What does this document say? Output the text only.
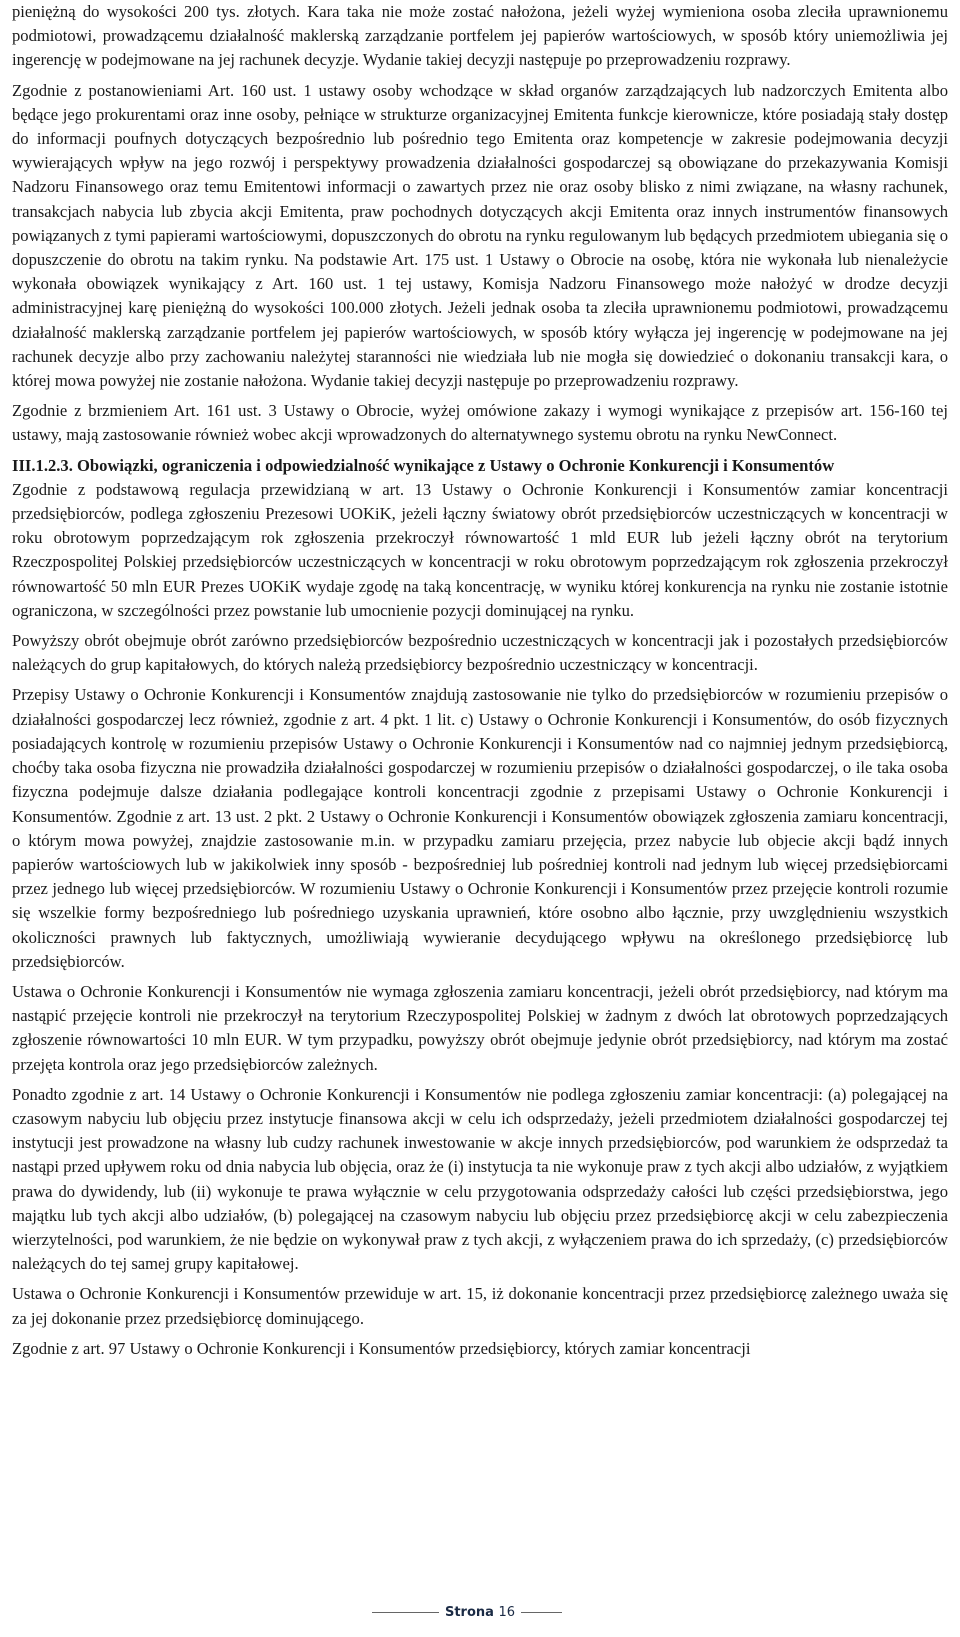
pieniężną do wysokości 200 tys. złotych. Kara taka nie może zostać nałożona, jeżeli wyżej wymieniona osoba zleciła uprawnionemu podmiotowi, prowadzącemu działalność maklerską zarządzanie portfelem jej papierów wartościowych, w sposób który uniemożliwia jej ingerencję w podejmowane na jej rachunek decyzje. Wydanie takiej decyzji następuje po przeprowadzeniu rozprawy.

Zgodnie z postanowieniami Art. 160 ust. 1 ustawy osoby wchodzące w skład organów zarządzających lub nadzorczych Emitenta albo będące jego prokurentami oraz inne osoby, pełniące w strukturze organizacyjnej Emitenta funkcje kierownicze, które posiadają stały dostęp do informacji poufnych dotyczących bezpośrednio lub pośrednio tego Emitenta oraz kompetencje w zakresie podejmowania decyzji wywierających wpływ na jego rozwój i perspektywy prowadzenia działalności gospodarczej są obowiązane do przekazywania Komisji Nadzoru Finansowego oraz temu Emitentowi informacji o zawartych przez nie oraz osoby blisko z nimi związane, na własny rachunek, transakcjach nabycia lub zbycia akcji Emitenta, praw pochodnych dotyczących akcji Emitenta oraz innych instrumentów finansowych powiązanych z tymi papierami wartościowymi, dopuszczonych do obrotu na rynku regulowanym lub będących przedmiotem ubiegania się o dopuszczenie do obrotu na takim rynku. Na podstawie Art. 175 ust. 1 Ustawy o Obrocie na osobę, która nie wykonała lub nienależycie wykonała obowiązek wynikający z Art. 160 ust. 1 tej ustawy, Komisja Nadzoru Finansowego może nałożyć w drodze decyzji administracyjnej karę pieniężną do wysokości 100.000 złotych. Jeżeli jednak osoba ta zleciła uprawnionemu podmiotowi, prowadzącemu działalność maklerską zarządzanie portfelem jej papierów wartościowych, w sposób który wyłącza jej ingerencję w podejmowane na jej rachunek decyzje albo przy zachowaniu należytej staranności nie wiedziała lub nie mogła się dowiedzieć o dokonaniu transakcji kara, o której mowa powyżej nie zostanie nałożona. Wydanie takiej decyzji następuje po przeprowadzeniu rozprawy.

Zgodnie z brzmieniem Art. 161 ust. 3 Ustawy o Obrocie, wyżej omówione zakazy i wymogi wynikające z przepisów art. 156-160 tej ustawy, mają zastosowanie również wobec akcji wprowadzonych do alternatywnego systemu obrotu na rynku NewConnect.

III.1.2.3. Obowiązki, ograniczenia i odpowiedzialność wynikające z Ustawy o Ochronie Konkurencji i Konsumentów

Zgodnie z podstawową regulacja przewidzianą w art. 13 Ustawy o Ochronie Konkurencji i Konsumentów zamiar koncentracji przedsiębiorców, podlega zgłoszeniu Prezesowi UOKiK, jeżeli łączny światowy obrót przedsiębiorców uczestniczących w koncentracji w roku obrotowym poprzedzającym rok zgłoszenia przekroczył równowartość 1 mld EUR lub jeżeli łączny obrót na terytorium Rzeczpospolitej Polskiej przedsiębiorców uczestniczących w koncentracji w roku obrotowym poprzedzającym rok zgłoszenia przekroczył równowartość 50 mln EUR Prezes UOKiK wydaje zgodę na taką koncentrację, w wyniku której konkurencja na rynku nie zostanie istotnie ograniczona, w szczególności przez powstanie lub umocnienie pozycji dominującej na rynku.

Powyższy obrót obejmuje obrót zarówno przedsiębiorców bezpośrednio uczestniczących w koncentracji jak i pozostałych przedsiębiorców należących do grup kapitałowych, do których należą przedsiębiorcy bezpośrednio uczestniczący w koncentracji.

Przepisy Ustawy o Ochronie Konkurencji i Konsumentów znajdują zastosowanie nie tylko do przedsiębiorców w rozumieniu przepisów o działalności gospodarczej lecz również, zgodnie z art. 4 pkt. 1 lit. c) Ustawy o Ochronie Konkurencji i Konsumentów, do osób fizycznych posiadających kontrolę w rozumieniu przepisów Ustawy o Ochronie Konkurencji i Konsumentów nad co najmniej jednym przedsiębiorcą, choćby taka osoba fizyczna nie prowadziła działalności gospodarczej w rozumieniu przepisów o działalności gospodarczej, o ile taka osoba fizyczna podejmuje dalsze działania podlegające kontroli koncentracji zgodnie z przepisami Ustawy o Ochronie Konkurencji i Konsumentów. Zgodnie z art. 13 ust. 2 pkt. 2 Ustawy o Ochronie Konkurencji i Konsumentów obowiązek zgłoszenia zamiaru koncentracji, o którym mowa powyżej, znajdzie zastosowanie m.in. w przypadku zamiaru przejęcia, przez nabycie lub objecie akcji bądź innych papierów wartościowych lub w jakikolwiek inny sposób - bezpośredniej lub pośredniej kontroli nad jednym lub więcej przedsiębiorcami przez jednego lub więcej przedsiębiorców. W rozumieniu Ustawy o Ochronie Konkurencji i Konsumentów przez przejęcie kontroli rozumie się wszelkie formy bezpośredniego lub pośredniego uzyskania uprawnień, które osobno albo łącznie, przy uwzględnieniu wszystkich okoliczności prawnych lub faktycznych, umożliwiają wywieranie decydującego wpływu na określonego przedsiębiorcę lub przedsiębiorców.

Ustawa o Ochronie Konkurencji i Konsumentów nie wymaga zgłoszenia zamiaru koncentracji, jeżeli obrót przedsiębiorcy, nad którym ma nastąpić przejęcie kontroli nie przekroczył na terytorium Rzeczypospolitej Polskiej w żadnym z dwóch lat obrotowych poprzedzających zgłoszenie równowartości 10 mln EUR. W tym przypadku, powyższy obrót obejmuje jedynie obrót przedsiębiorcy, nad którym ma zostać przejęta kontrola oraz jego przedsiębiorców zależnych.

Ponadto zgodnie z art. 14 Ustawy o Ochronie Konkurencji i Konsumentów nie podlega zgłoszeniu zamiar koncentracji: (a) polegającej na czasowym nabyciu lub objęciu przez instytucje finansowa akcji w celu ich odsprzedaży, jeżeli przedmiotem działalności gospodarczej tej instytucji jest prowadzone na własny lub cudzy rachunek inwestowanie w akcje innych przedsiębiorców, pod warunkiem że odsprzedaż ta nastąpi przed upływem roku od dnia nabycia lub objęcia, oraz że (i) instytucja ta nie wykonuje praw z tych akcji albo udziałów, z wyjątkiem prawa do dywidendy, lub (ii) wykonuje te prawa wyłącznie w celu przygotowania odsprzedaży całości lub części przedsiębiorstwa, jego majątku lub tych akcji albo udziałów, (b) polegającej na czasowym nabyciu lub objęciu przez przedsiębiorcę akcji w celu zabezpieczenia wierzytelności, pod warunkiem, że nie będzie on wykonywał praw z tych akcji, z wyłączeniem prawa do ich sprzedaży, (c) przedsiębiorców należących do tej samej grupy kapitałowej.

Ustawa o Ochronie Konkurencji i Konsumentów przewiduje w art. 15, iż dokonanie koncentracji przez przedsiębiorcę zależnego uważa się za jej dokonanie przez przedsiębiorcę dominującego.

Zgodnie z art. 97 Ustawy o Ochronie Konkurencji i Konsumentów przedsiębiorcy, których zamiar koncentracji

Strona 16
